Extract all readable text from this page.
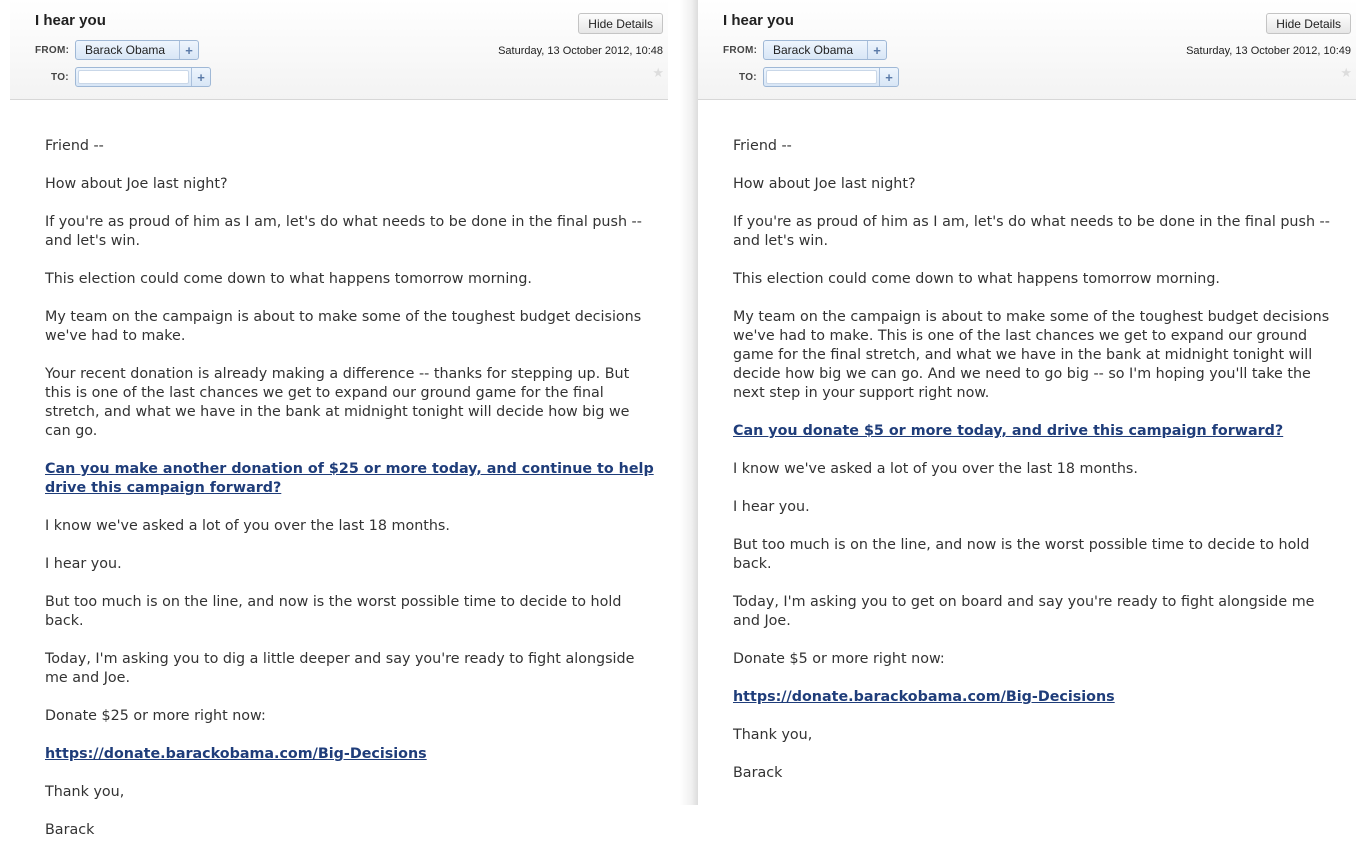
I hear you	Hide Details
FROM:	Barack Obama	+
TO:	+
Saturday, 13 October 2012, 10:48
★

Friend --

How about Joe last night?

If you're as proud of him as I am, let's do what needs to be done in the final push -- and let's win.

This election could come down to what happens tomorrow morning.

My team on the campaign is about to make some of the toughest budget decisions we've had to make.

Your recent donation is already making a difference -- thanks for stepping up. But this is one of the last chances we get to expand our ground game for the final stretch, and what we have in the bank at midnight tonight will decide how big we can go.

Can you make another donation of $25 or more today, and continue to help drive this campaign forward?

I know we've asked a lot of you over the last 18 months.

I hear you.

But too much is on the line, and now is the worst possible time to decide to hold back.

Today, I'm asking you to dig a little deeper and say you're ready to fight alongside me and Joe.

Donate $25 or more right now:

https://donate.barackobama.com/Big-Decisions

Thank you,

Barack

I hear you	Hide Details
FROM:	Barack Obama	+
TO:	+
Saturday, 13 October 2012, 10:49
★

Friend --

How about Joe last night?

If you're as proud of him as I am, let's do what needs to be done in the final push -- and let's win.

This election could come down to what happens tomorrow morning.

My team on the campaign is about to make some of the toughest budget decisions we've had to make. This is one of the last chances we get to expand our ground game for the final stretch, and what we have in the bank at midnight tonight will decide how big we can go. And we need to go big -- so I'm hoping you'll take the next step in your support right now.

Can you donate $5 or more today, and drive this campaign forward?

I know we've asked a lot of you over the last 18 months.

I hear you.

But too much is on the line, and now is the worst possible time to decide to hold back.

Today, I'm asking you to get on board and say you're ready to fight alongside me and Joe.

Donate $5 or more right now:

https://donate.barackobama.com/Big-Decisions

Thank you,

Barack
